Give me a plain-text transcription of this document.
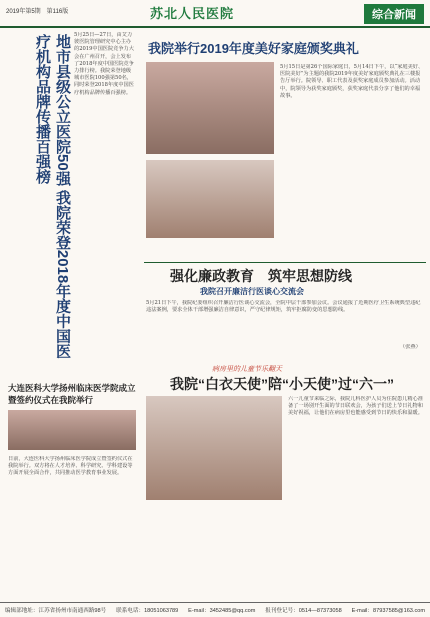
2019年第5期　第116版	苏北人民医院	综合新闻
5月25日—27日，由艾力彼医院管理研究中心主办的2019中国医院竞争力大会在广州召开，会上发布了2018年度中国医院竞争力排行榜。我院荣登地级城市医院100强第50名，同时荣登2018年度中国医疗机构品牌传播百强榜。
地市县级公立医院50强 我院荣登2018年度中国医疗机构品牌传播百强榜	我院举行2019年度美好家庭颁奖典礼
5月15日是第26个国际家庭日，5月14日下午，以“家庭美好、医院美好”为主题的我院2019年度美好家庭颁奖典礼在三楼报告厅举行。院领导、职工代表及获奖家庭成员参加活动。活动中，院领导为获奖家庭颁奖，获奖家庭代表分享了他们的幸福故事。
强化廉政教育　筑牢思想防线
我院召开廉洁行医谈心交流会
5月21日下午，我院纪委组织召开廉洁行医谈心交流会，全院中层干部参加会议。会议通报了近期医疗卫生系统典型违纪违法案例，要求全体干部增强廉洁自律意识，严守纪律规矩，筑牢拒腐防变的思想防线。
（张燕）
大连医科大学扬州临床医学院成立暨签约仪式在我院举行
日前，大连医科大学扬州临床医学院成立暨签约仪式在我院举行。双方将在人才培养、科学研究、学科建设等方面开展全面合作，共同推动医学教育事业发展。
病房里的儿童节乐翻天
我院“白衣天使”陪“小天使”过“六一”
六一儿童节来临之际，我院儿科医护人员为住院患儿精心准备了一场别开生面的节日联欢会，为孩子们送上节日礼物和美好祝福，让他们在病房里也能感受到节日的快乐和温暖。
编辑部地址：江苏省扬州市南通西路98号 联系电话：18051063789 E-mail：3452485@qq.com 报刊登记号：0514—87373058 E-mail：87937585@163.com
